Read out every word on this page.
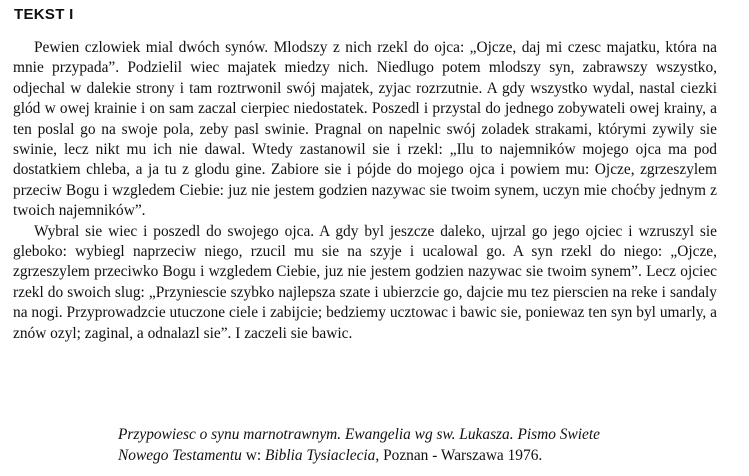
TEKST I

Pewien czlowiek mial dwóch synów. Mlodszy z nich rzekl do ojca: „Ojcze, daj mi czesc majatku, która na mnie przypada”. Podzielil wiec majatek miedzy nich. Niedlugo potem mlodszy syn, zabrawszy wszystko, odjechal w dalekie strony i tam roztrwonil swój majatek, zyjac rozrzutnie. A gdy wszystko wydal, nastal ciezki glód w owej krainie i on sam zaczal cierpiec niedostatek. Poszedl i przystal do jednego zobywateli owej krainy, a ten poslal go na swoje pola, zeby pasl swinie. Pragnal on napelnic swój zoladek strakami, którymi zywily sie swinie, lecz nikt mu ich nie dawal. Wtedy zastanowil sie i rzekl: „Ilu to najemników mojego ojca ma pod dostatkiem chleba, a ja tu z glodu gine. Zabiore sie i pójde do mojego ojca i powiem mu: Ojcze, zgrzeszylem przeciw Bogu i wzgledem Ciebie: juz nie jestem godzien nazywac sie twoim synem, uczyn mie choćby jednym z twoich najemników”.

Wybral sie wiec i poszedl do swojego ojca. A gdy byl jeszcze daleko, ujrzal go jego ojciec i wzruszyl sie gleboko: wybiegl naprzeciw niego, rzucil mu sie na szyje i ucalowal go. A syn rzekl do niego: „Ojcze, zgrzeszylem przeciwko Bogu i wzgledem Ciebie, juz nie jestem godzien nazywac sie twoim synem”. Lecz ojciec rzekl do swoich slug: „Przyniescie szybko najlepsza szate i ubierzcie go, dajcie mu tez pierscien na reke i sandaly na nogi. Przyprowadzcie utuczone ciele i zabijcie; bedziemy ucztowac i bawic sie, poniewaz ten syn byl umarly, a znów ozyl; zaginal, a odnalazl sie”. I zaczeli sie bawic.

Przypowiesc o synu marnotrawnym. Ewangelia wg sw. Lukasza. Pismo Swiete
Nowego Testamentu w: Biblia Tysiaclecia, Poznan - Warszawa 1976.
